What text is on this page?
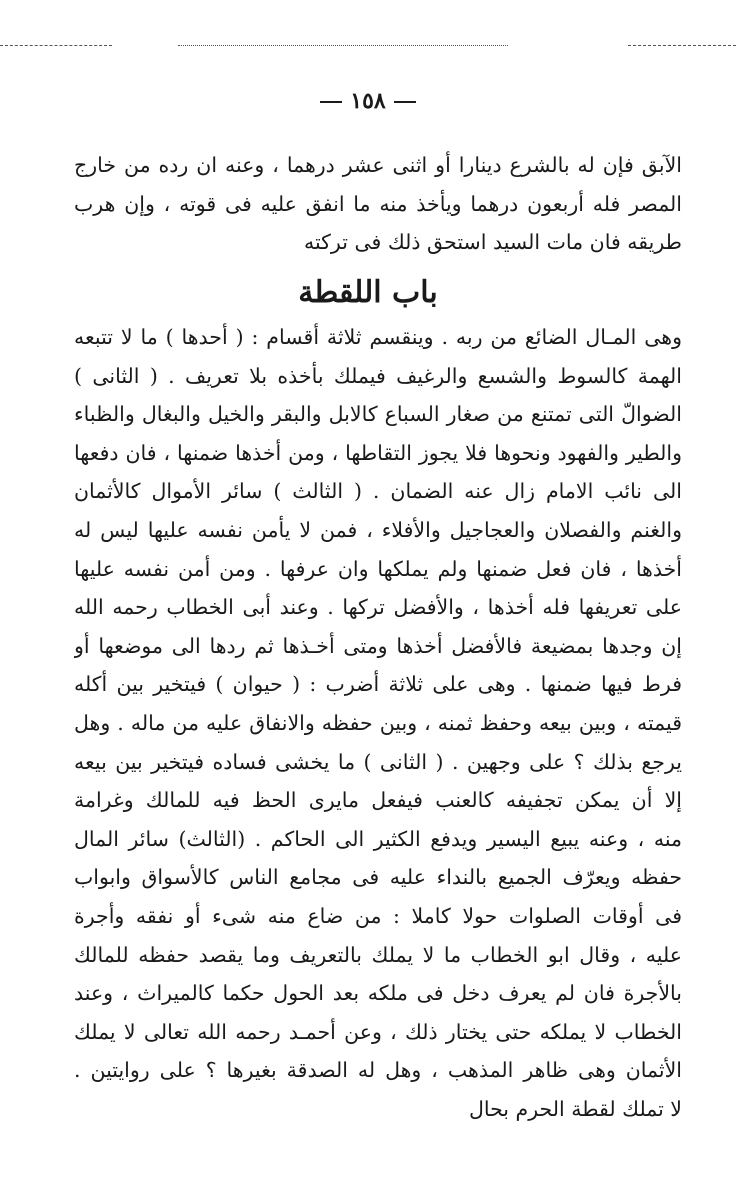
١٥٨
الآبق فإن له بالشرع دينارا أو اثنى عشر درهما ، وعنه ان رده من خارج
المصر فله أربعون درهما ويأخذ منه ما انفق عليه فى قوته ، وإن هرب
طريقه فان مات السيد استحق ذلك فى تركته
باب اللقطة
وهى المـال الضائع من ربه . وينقسم ثلاثة أقسام : ( أحدها ) ما لا تتبعه
الهمة كالسوط والشسع والرغيف فيملك بأخذه بلا تعريف . ( الثانى )
الضوالّ التى تمتنع من صغار السباع كالابل والبقر والخيل والبغال والظباء
والطير والفهود ونحوها فلا يجوز التقاطها ، ومن أخذها ضمنها ، فان دفعها
الى نائب الامام زال عنه الضمان . ( الثالث ) سائر الأموال كالأثمان
والغنم والفصلان والعجاجيل والأفلاء ، فمن لا يأمن نفسه عليها ليس له
أخذها ، فان فعل ضمنها ولم يملكها وان عرفها . ومن أمن نفسه عليها
على تعريفها فله أخذها ، والأفضل تركها . وعند أبى الخطاب رحمه الله
إن وجدها بمضيعة فالأفضل أخذها ومتى أخـذها ثم ردها الى موضعها أو
فرط فيها ضمنها . وهى على ثلاثة أضرب : ( حيوان ) فيتخير بين أكله
قيمته ، وبين بيعه وحفظ ثمنه ، وبين حفظه والانفاق عليه من ماله . وهل
يرجع بذلك ؟ على وجهين . ( الثانى ) ما يخشى فساده فيتخير بين بيعه
إلا أن يمكن تجفيفه كالعنب فيفعل مايرى الحظ فيه للمالك وغرامة
منه ، وعنه يبيع اليسير ويدفع الكثير الى الحاكم . (الثالث) سائر المال
حفظه ويعرّف الجميع بالنداء عليه فى مجامع الناس كالأسواق وابواب
فى أوقات الصلوات حولا كاملا : من ضاع منه شىء أو نفقه وأجرة
عليه ، وقال ابو الخطاب ما لا يملك بالتعريف وما يقصد حفظه للمالك
بالأجرة فان لم يعرف دخل فى ملكه بعد الحول حكما كالميراث ، وعند
الخطاب لا يملكه حتى يختار ذلك ، وعن أحمـد رحمه الله تعالى لا يملك
الأثمان وهى ظاهر المذهب ، وهل له الصدقة بغيرها ؟ على روايتين .
لا تملك لقطة الحرم بحال
